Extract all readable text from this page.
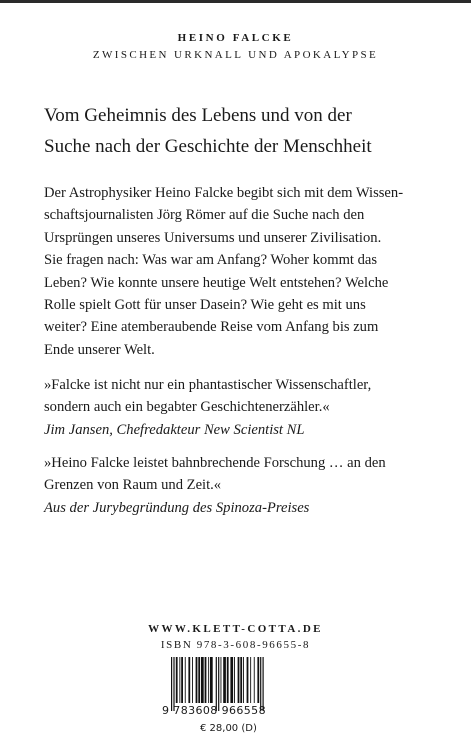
HEINO FALCKE
ZWISCHEN URKNALL UND APOKALYPSE

Vom Geheimnis des Lebens und von der
Suche nach der Geschichte der Menschheit

Der Astrophysiker Heino Falcke begibt sich mit dem Wissen-
schaftsjournalisten Jörg Römer auf die Suche nach den
Ursprüngen unseres Universums und unserer Zivilisation.
Sie fragen nach: Was war am Anfang? Woher kommt das
Leben? Wie konnte unsere heutige Welt entstehen? Welche
Rolle spielt Gott für unser Dasein? Wie geht es mit uns
weiter? Eine atemberaubende Reise vom Anfang bis zum
Ende unserer Welt.
»Falcke ist nicht nur ein phantastischer Wissenschaftler,
sondern auch ein begabter Geschichtenerzähler.«
Jim Jansen, Chefredakteur New Scientist NL
»Heino Falcke leistet bahnbrechende Forschung … an den
Grenzen von Raum und Zeit.«
Aus der Jurybegründung des Spinoza-Preises
WWW.KLETT-COTTA.DE
ISBN 978-3-608-96655-8
9 783608 966558
€ 28,00 (D)
